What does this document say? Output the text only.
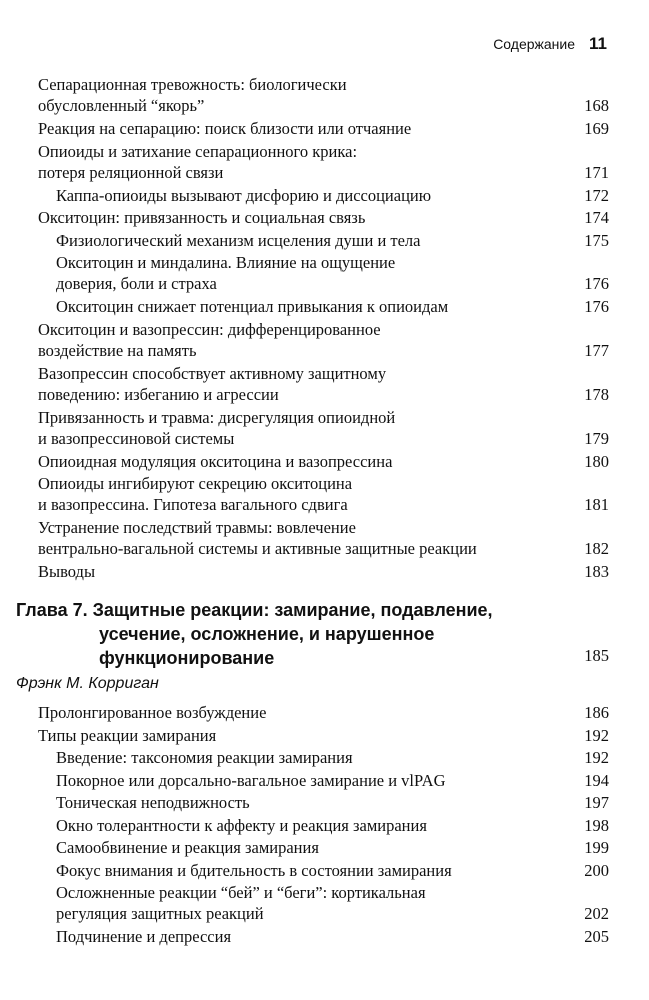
Содержание 11
Сепарационная тревожность: биологически
обусловленный “якорь”	168
Реакция на сепарацию: поиск близости или отчаяние	169
Опиоиды и затихание сепарационного крика:
потеря реляционной связи	171
Каппа-опиоиды вызывают дисфорию и диссоциацию	172
Окситоцин: привязанность и социальная связь	174
Физиологический механизм исцеления души и тела	175
Окситоцин и миндалина. Влияние на ощущение
доверия, боли и страха	176
Окситоцин снижает потенциал привыкания к опиоидам	176
Окситоцин и вазопрессин: дифференцированное
воздействие на память	177
Вазопрессин способствует активному защитному
поведению: избеганию и агрессии	178
Привязанность и травма: дисрегуляция опиоидной
и вазопрессиновой системы	179
Опиоидная модуляция окситоцина и вазопрессина	180
Опиоиды ингибируют секрецию окситоцина
и вазопрессина. Гипотеза вагального сдвига	181
Устранение последствий травмы: вовлечение
вентрально-вагальной системы и активные защитные реакции	182
Выводы	183
Глава 7. Защитные реакции: замирание, подавление,
усечение, осложнение, и нарушенное
функционирование	185
Фрэнк М. Корриган
Пролонгированное возбуждение	186
Типы реакции замирания	192
Введение: таксономия реакции замирания	192
Покорное или дорсально-вагальное замирание и vlPAG	194
Тоническая неподвижность	197
Окно толерантности к аффекту и реакция замирания	198
Самообвинение и реакция замирания	199
Фокус внимания и бдительность в состоянии замирания	200
Осложненные реакции “бей” и “беги”: кортикальная
регуляция защитных реакций	202
Подчинение и депрессия	205
